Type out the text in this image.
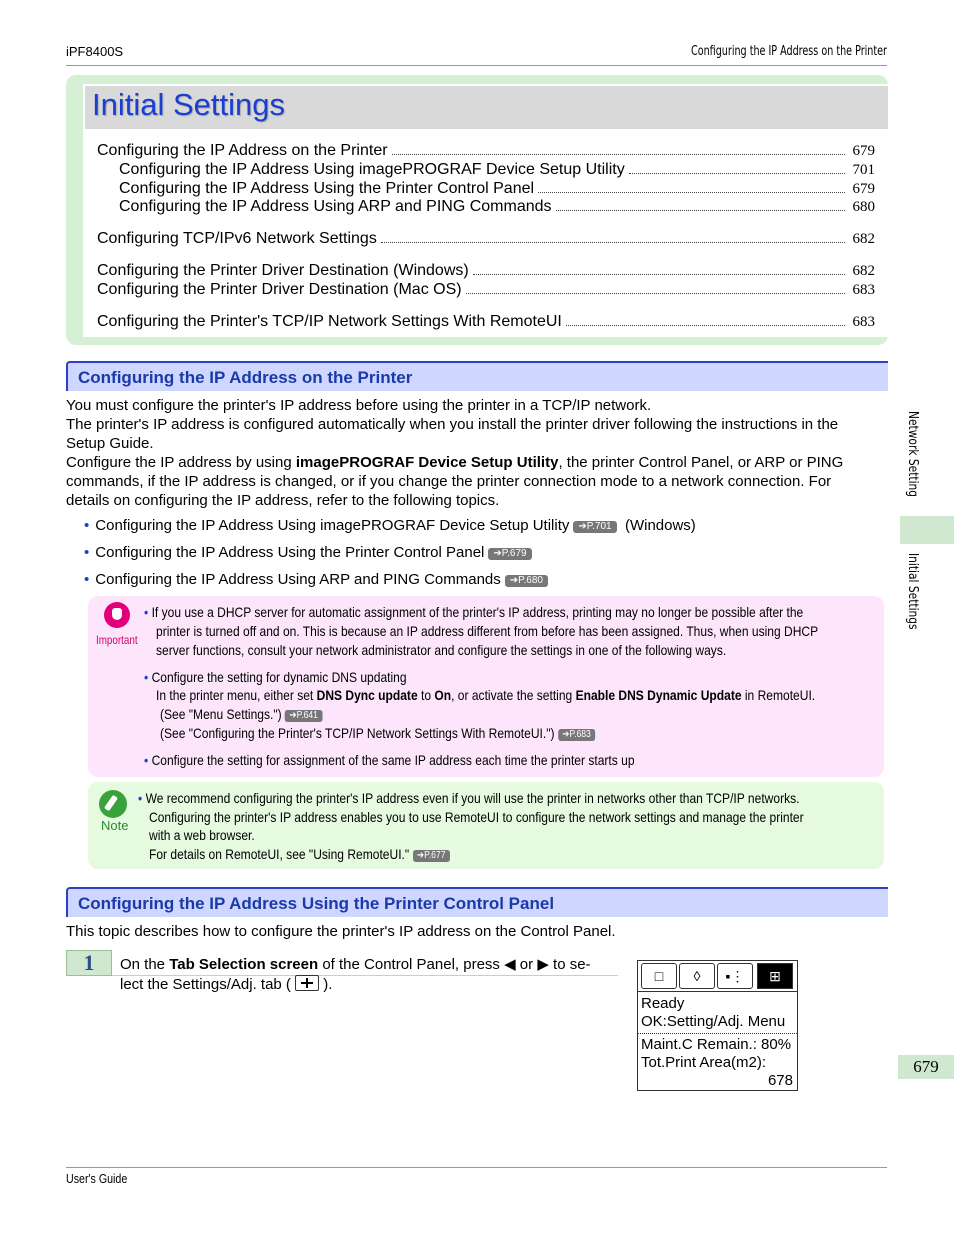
iPF8400S	Configuring the IP Address on the Printer
Initial Settings
Configuring the IP Address on the Printer	679
Configuring the IP Address Using imagePROGRAF Device Setup Utility	701
Configuring the IP Address Using the Printer Control Panel	679
Configuring the IP Address Using ARP and PING Commands	680
Configuring TCP/IPv6 Network Settings	682
Configuring the Printer Driver Destination (Windows)	682
Configuring the Printer Driver Destination (Mac OS)	683
Configuring the Printer's TCP/IP Network Settings With RemoteUI	683
Configuring the IP Address on the Printer
You must configure the printer's IP address before using the printer in a TCP/IP network.
The printer's IP address is configured automatically when you install the printer driver following the instructions in the
Setup Guide.
Configure the IP address by using imagePROGRAF Device Setup Utility, the printer Control Panel, or ARP or PING
commands, if the IP address is changed, or if you change the printer connection mode to a network connection. For
details on configuring the IP address, refer to the following topics.
• Configuring the IP Address Using imagePROGRAF Device Setup Utility ➔P.701 (Windows)
• Configuring the IP Address Using the Printer Control Panel ➔P.679
• Configuring the IP Address Using ARP and PING Commands ➔P.680
Important
• If you use a DHCP server for automatic assignment of the printer's IP address, printing may no longer be possible after the
printer is turned off and on. This is because an IP address different from before has been assigned. Thus, when using DHCP
server functions, consult your network administrator and configure the settings in one of the following ways.
• Configure the setting for dynamic DNS updating
In the printer menu, either set DNS Dync update to On, or activate the setting Enable DNS Dynamic Update in RemoteUI.
(See "Menu Settings.") ➔P.641
(See "Configuring the Printer's TCP/IP Network Settings With RemoteUI.") ➔P.683
• Configure the setting for assignment of the same IP address each time the printer starts up
Note
• We recommend configuring the printer's IP address even if you will use the printer in networks other than TCP/IP networks.
Configuring the printer's IP address enables you to use RemoteUI to configure the network settings and manage the printer
with a web browser.
For details on RemoteUI, see "Using RemoteUI." ➔P.677
Configuring the IP Address Using the Printer Control Panel
This topic describes how to configure the printer's IP address on the Control Panel.
1	On the Tab Selection screen of the Control Panel, press ◀ or ▶ to se-
lect the Settings/Adj. tab (
).	□ ◊ ▪⋮ ⊞
Ready
OK:Setting/Adj. Menu
Maint.C Remain.: 80%
Tot.Print Area(m2):
678
Network Setting
Initial Settings
679
User's Guide
